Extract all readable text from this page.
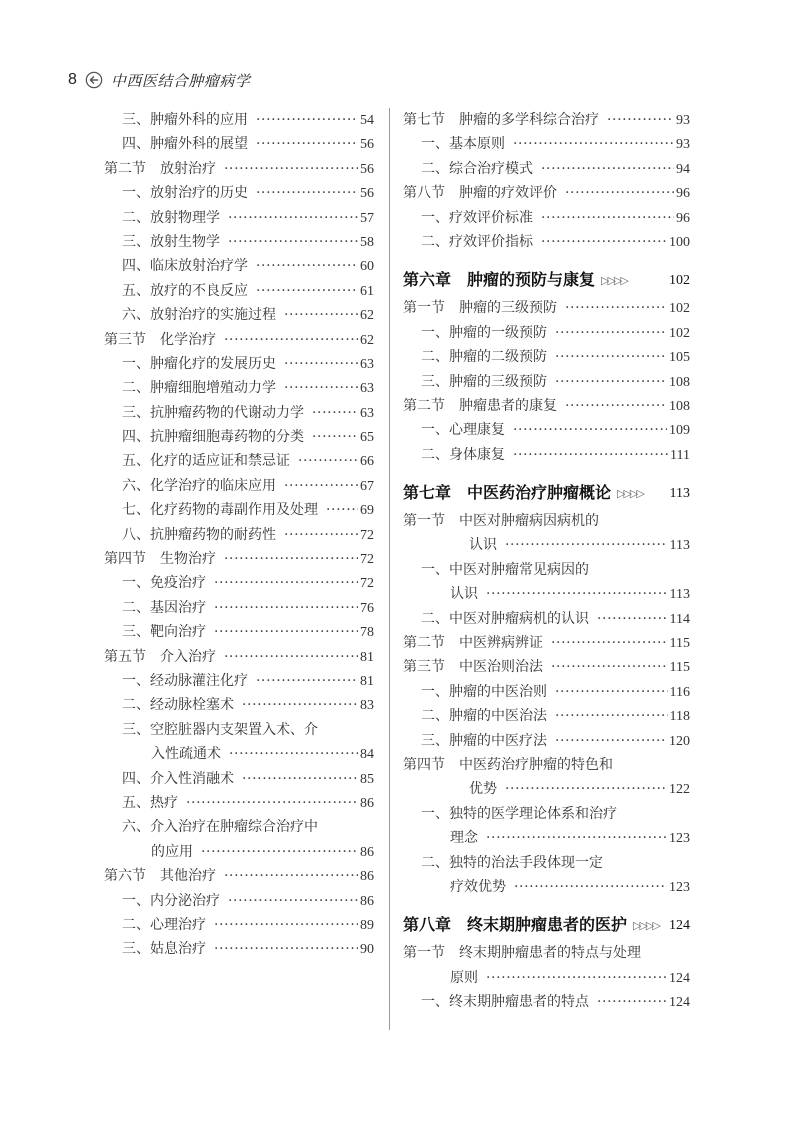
8 中西医结合肿瘤病学
三、肿瘤外科的应用 ·····	54
四、肿瘤外科的展望 ·····	56
第二节　放射治疗 ·····	56
一、放射治疗的历史 ·····	56
二、放射物理学 ·····	57
三、放射生物学 ·····	58
四、临床放射治疗学 ·····	60
五、放疗的不良反应 ·····	61
六、放射治疗的实施过程 ·····	62
第三节　化学治疗 ·····	62
一、肿瘤化疗的发展历史 ·····	63
二、肿瘤细胞增殖动力学 ·····	63
三、抗肿瘤药物的代谢动力学 ·····	63
四、抗肿瘤细胞毒药物的分类 ·····	65
五、化疗的适应证和禁忌证 ·····	66
六、化学治疗的临床应用 ·····	67
七、化疗药物的毒副作用及处理 ·····	69
八、抗肿瘤药物的耐药性 ·····	72
第四节　生物治疗 ·····	72
一、免疫治疗 ·····	72
二、基因治疗 ·····	76
三、靶向治疗 ·····	78
第五节　介入治疗 ·····	81
一、经动脉灌注化疗 ·····	81
二、经动脉栓塞术 ·····	83
三、空腔脏器内支架置入术、介
入性疏通术 ·····	84
四、介入性消融术 ·····	85
五、热疗 ·····	86
六、介入治疗在肿瘤综合治疗中
的应用 ·····	86
第六节　其他治疗 ·····	86
一、内分泌治疗 ·····	86
二、心理治疗 ·····	89
三、姑息治疗 ·····	90
第七节　肿瘤的多学科综合治疗 ·····	93
一、基本原则 ·····	93
二、综合治疗模式 ·····	94
第八节　肿瘤的疗效评价 ·····	96
一、疗效评价标准 ·····	96
二、疗效评价指标 ·····	100
第六章　肿瘤的预防与康复 ▷▷▷▷	102
第一节　肿瘤的三级预防 ·····	102
一、肿瘤的一级预防 ·····	102
二、肿瘤的二级预防 ·····	105
三、肿瘤的三级预防 ·····	108
第二节　肿瘤患者的康复 ·····	108
一、心理康复 ·····	109
二、身体康复 ·····	111
第七章　中医药治疗肿瘤概论 ▷▷▷▷	113
第一节　中医对肿瘤病因病机的
认识 ·····	113
一、中医对肿瘤常见病因的
认识 ·····	113
二、中医对肿瘤病机的认识 ·····	114
第二节　中医辨病辨证 ·····	115
第三节　中医治则治法 ·····	115
一、肿瘤的中医治则 ·····	116
二、肿瘤的中医治法 ·····	118
三、肿瘤的中医疗法 ·····	120
第四节　中医药治疗肿瘤的特色和
优势 ·····	122
一、独特的医学理论体系和治疗
理念 ·····	123
二、独特的治法手段体现一定
疗效优势 ·····	123
第八章　终末期肿瘤患者的医护 ▷▷▷▷ 124
第一节　终末期肿瘤患者的特点与处理
原则 ·····	124
一、终末期肿瘤患者的特点 ·····	124
